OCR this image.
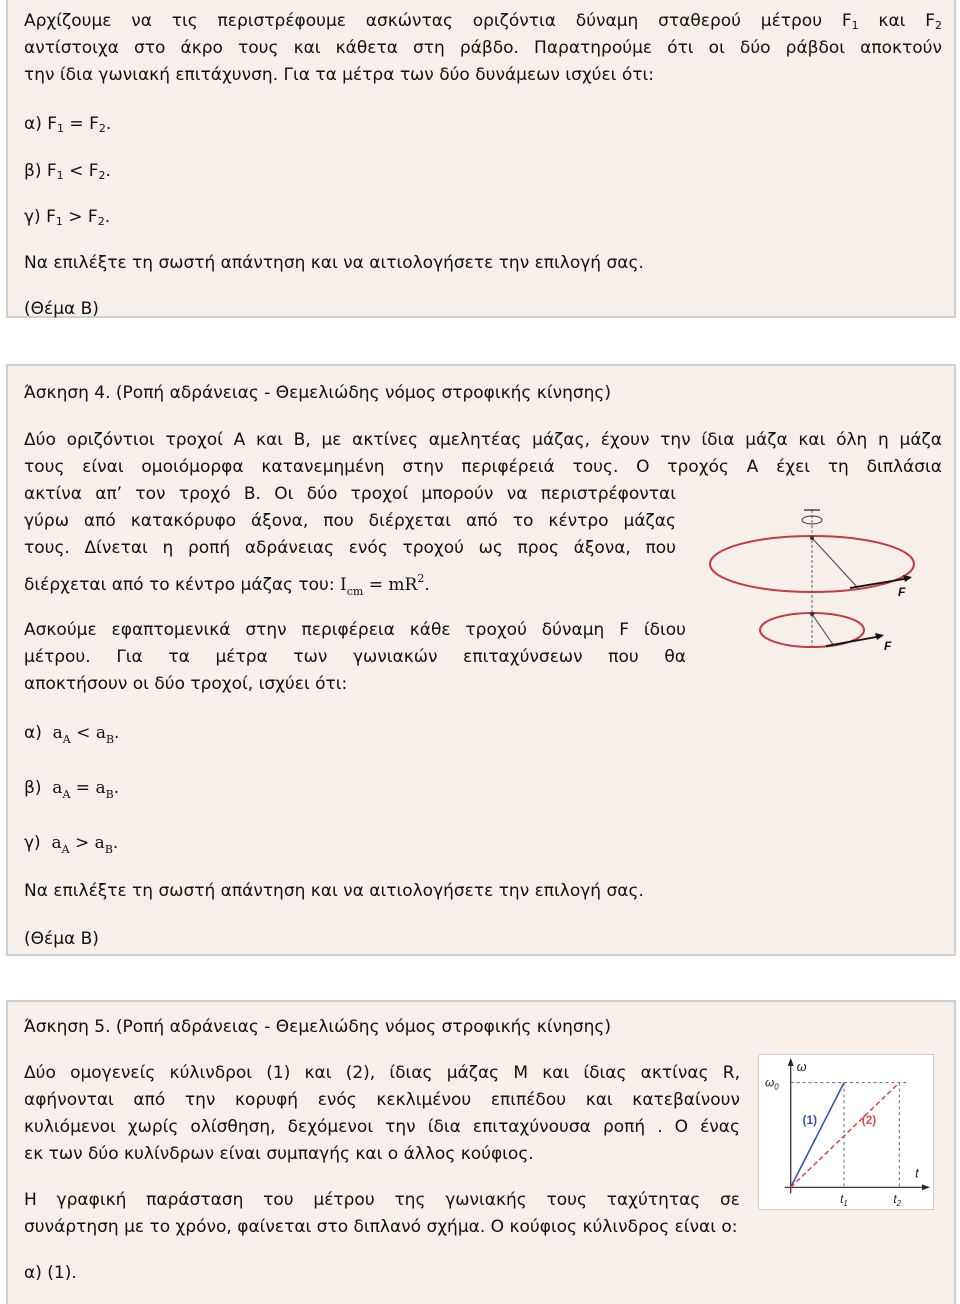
Αρχίζουμε να τις περιστρέφουμε ασκώντας οριζόντια δύναμη σταθερού μέτρου $F_1$ και $F_2$
αντίστοιχα στο άκρο τους και κάθετα στη ράβδο. Παρατηρούμε ότι οι δύο ράβδοι αποκτούν
την ίδια γωνιακή επιτάχυνση. Για τα μέτρα των δύο δυνάμεων ισχύει ότι:
α) $F_1 = F_2$.
β) $F_1 < F_2$.
γ) $F_1 > F_2$.
Να επιλέξτε τη σωστή απάντηση και να αιτιολογήσετε την επιλογή σας.
(Θέμα Β)
Άσκηση 4. (Ροπή αδράνειας - Θεμελιώδης νόμος στροφικής κίνησης)
Δύο οριζόντιοι τροχοί Α και Β, με ακτίνες αμελητέας μάζας, έχουν την ίδια μάζα και όλη η μάζα
τους είναι ομοιόμορφα κατανεμημένη στην περιφέρειά τους. Ο τροχός Α έχει τη διπλάσια
ακτίνα απ’ τον τροχό Β. Οι δύο τροχοί μπορούν να περιστρέφονται
γύρω από κατακόρυφο άξονα, που διέρχεται από το κέντρο μάζας
τους. Δίνεται η ροπή αδράνειας ενός τροχού ως προς άξονα, που
διέρχεται από το κέντρο μάζας του: $I_{cm} = mR^2$.
Ασκούμε εφαπτομενικά στην περιφέρεια κάθε τροχού δύναμη F ίδιου
μέτρου. Για τα μέτρα των γωνιακών επιταχύνσεων που θα
αποκτήσουν οι δύο τροχοί, ισχύει ότι:
α) $a_A < a_B$.
β) $a_A = a_B$.
γ) $a_A > a_B$.
Να επιλέξτε τη σωστή απάντηση και να αιτιολογήσετε την επιλογή σας.
(Θέμα Β)
F
F
Άσκηση 5. (Ροπή αδράνειας - Θεμελιώδης νόμος στροφικής κίνησης)
Δύο ομογενείς κύλινδροι (1) και (2), ίδιας μάζας Μ και ίδιας ακτίνας R,
αφήνονται από την κορυφή ενός κεκλιμένου επιπέδου και κατεβαίνουν
κυλιόμενοι χωρίς ολίσθηση, δεχόμενοι την ίδια επιταχύνουσα ροπή . Ο ένας
εκ των δύο κυλίνδρων είναι συμπαγής και ο άλλος κούφιος.
Η γραφική παράσταση του μέτρου της γωνιακής τους ταχύτητας σε
συνάρτηση με το χρόνο, φαίνεται στο διπλανό σχήμα. Ο κούφιος κύλινδρος είναι ο:
α) (1).
ω
$\omega_0$
t
(1)	(2)
$t_1$	$t_2$
